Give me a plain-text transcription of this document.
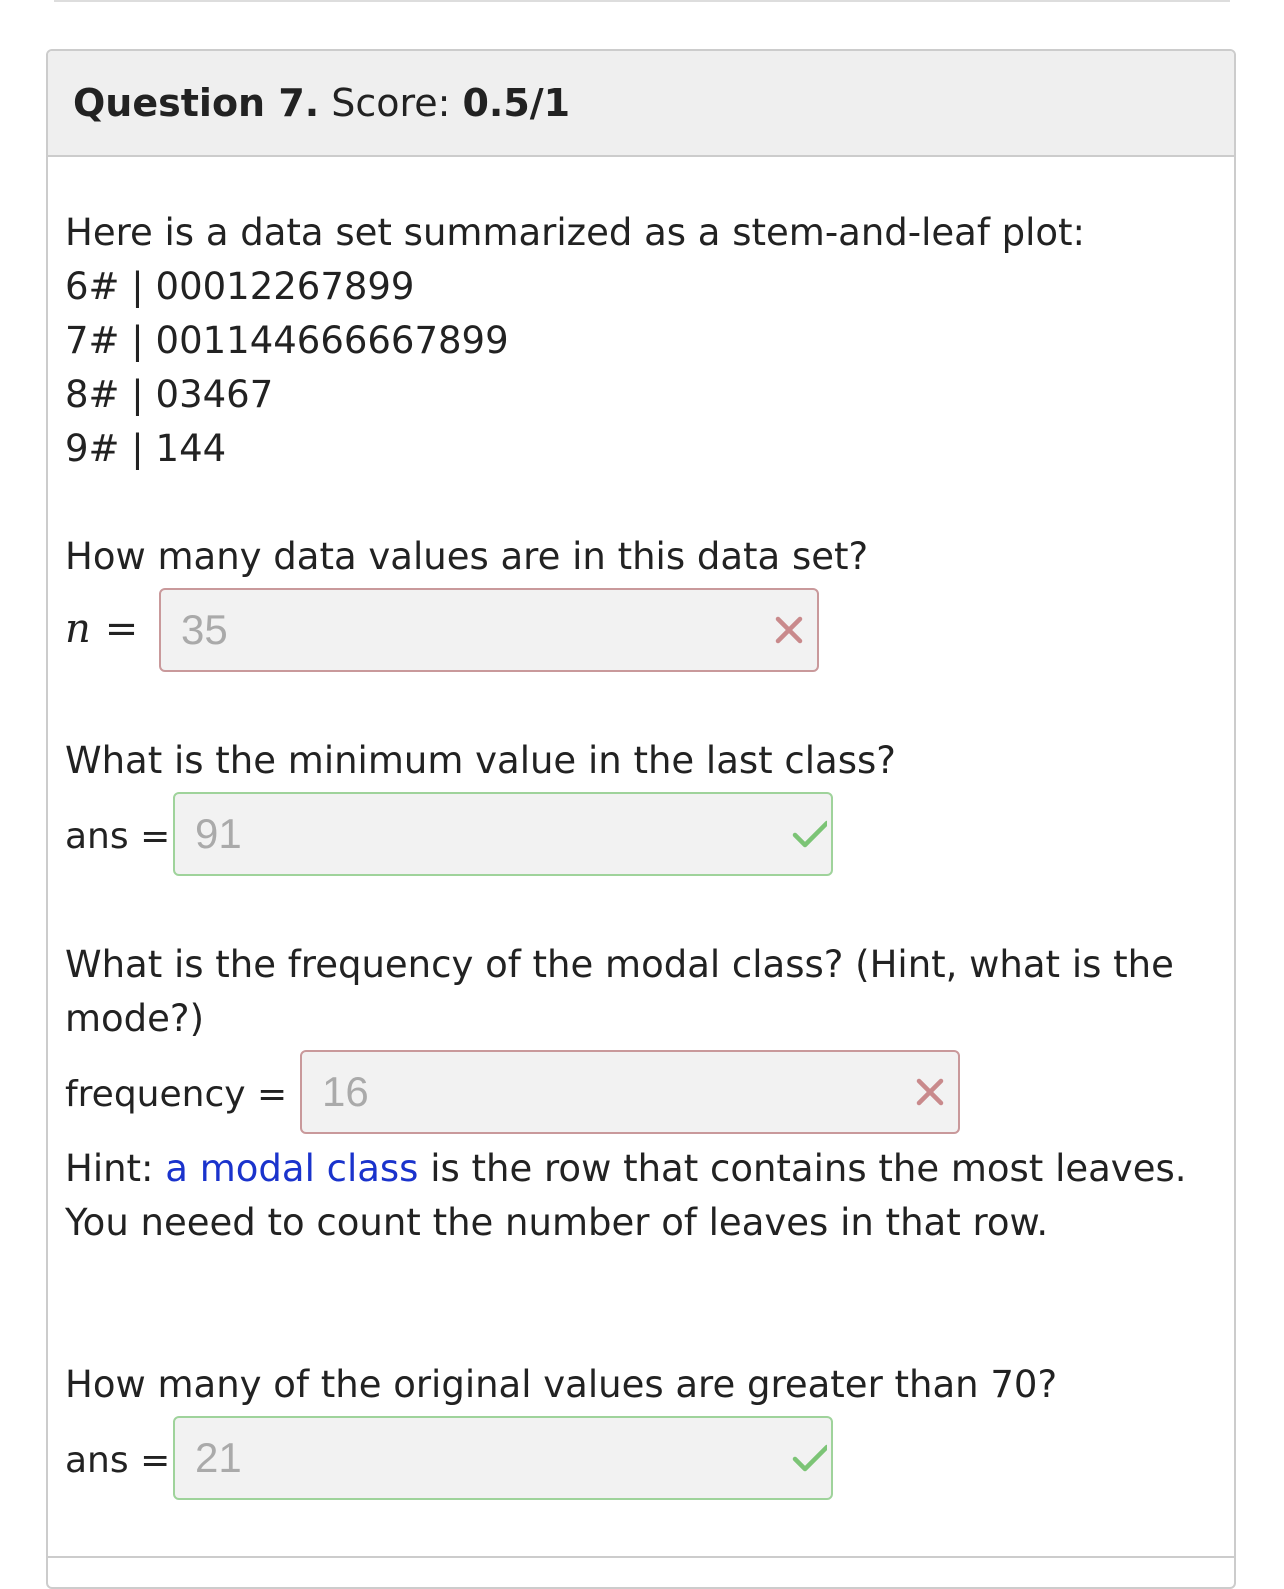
Question 7. Score: 0.5/1
Here is a data set summarized as a stem-and-leaf plot:
6# | 00012267899
7# | 001144666667899
8# | 03467
9# | 144
How many data values are in this data set?
n = 35
What is the minimum value in the last class?
ans = 91
What is the frequency of the modal class? (Hint, what is the
mode?)
frequency = 16
Hint: a modal class is the row that contains the most leaves.
You neeed to count the number of leaves in that row.
How many of the original values are greater than 70?
ans = 21
